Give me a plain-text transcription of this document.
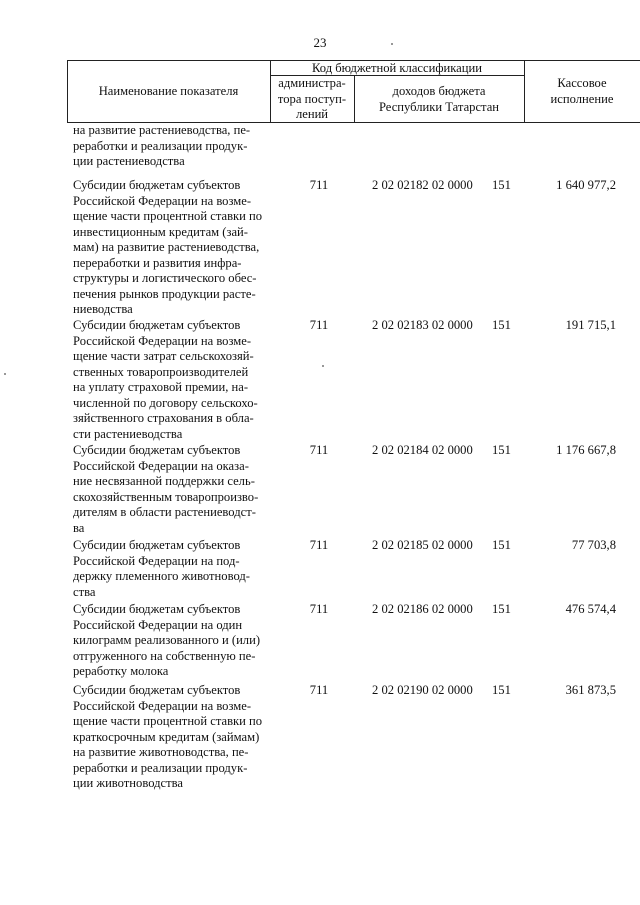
23
Наименование показателя
Код бюджетной классификации
администра-
тора поступ-
лений
доходов бюджета
Республики Татарстан
Кассовое
исполнение
на развитие растениеводства, пе-
реработки и реализации продук-
ции растениеводства
Субсидии бюджетам субъектов
Российской Федерации на возме-
щение части процентной ставки по
инвестиционным кредитам (зай-
мам) на развитие растениеводства,
переработки и развития инфра-
структуры и логистического обес-
печения рынков продукции расте-
ниеводства
711	2 02 02182 02 0000	151	1 640 977,2
Субсидии бюджетам субъектов
Российской Федерации на возме-
щение части затрат сельскохозяй-
ственных товаропроизводителей
на уплату страховой премии, на-
численной по договору сельскохо-
зяйственного страхования в обла-
сти растениеводства
711	2 02 02183 02 0000	151	191 715,1
Субсидии бюджетам субъектов
Российской Федерации на оказа-
ние несвязанной поддержки сель-
скохозяйственным товаропроизво-
дителям в области растениеводст-
ва
711	2 02 02184 02 0000	151	1 176 667,8
Субсидии бюджетам субъектов
Российской Федерации на под-
держку племенного животновод-
ства
711	2 02 02185 02 0000	151	77 703,8
Субсидии бюджетам субъектов
Российской Федерации на один
килограмм реализованного и (или)
отгруженного на собственную пе-
реработку молока
711	2 02 02186 02 0000	151	476 574,4
Субсидии бюджетам субъектов
Российской Федерации на возме-
щение части процентной ставки по
краткосрочным кредитам (займам)
на развитие животноводства, пе-
реработки и реализации продук-
ции животноводства
711	2 02 02190 02 0000	151	361 873,5
